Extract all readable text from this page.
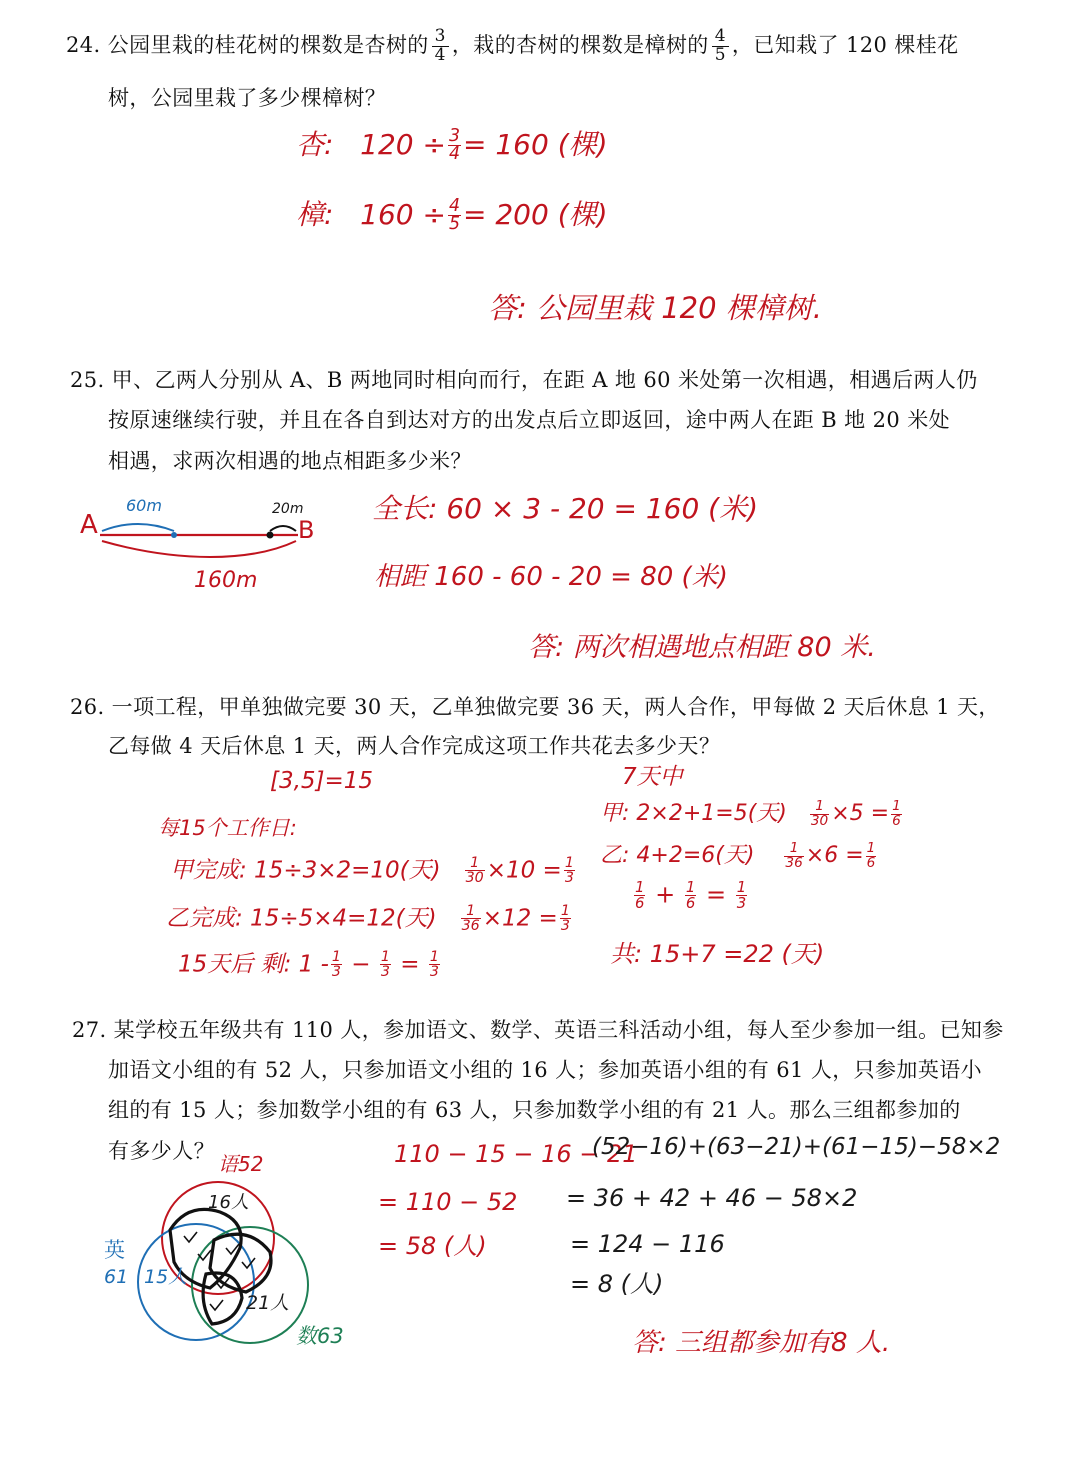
24. 公园里栽的桂花树的棵数是杏树的 $\frac{3}{4}$ ，栽的杏树的棵数是樟树的 $\frac{4}{5}$ ，已知栽了 120 棵桂花
树，公园里栽了多少棵樟树？
杏: $120 \div \frac{3}{4} = 160$ (棵)
樟: $160 \div \frac{4}{5} = 200$ (棵)
答: 公园里栽 120 棵樟树.
25. 甲、乙两人分别从 A、B 两地同时相向而行，在距 A 地 60 米处第一次相遇，相遇后两人仍
按原速继续行驶，并且在各自到达对方的出发点后立即返回，途中两人在距 B 地 20 米处
相遇，求两次相遇的地点相距多少米？
A	B
60m	20m
160m
全长: 60 × 3 - 20 = 160 (米)
相距 160 - 60 - 20 = 80 (米)
答: 两次相遇地点相距 80 米.
26. 一项工程，甲单独做完要 30 天，乙单独做完要 36 天，两人合作，甲每做 2 天后休息 1 天，
乙每做 4 天后休息 1 天，两人合作完成这项工作共花去多少天？
[3,5]=15
每15个工作日:
甲完成: 15÷3×2=10(天) $\frac{1}{30} \times 10 = \frac{1}{3}$
乙完成: 15÷5×4=12(天) $\frac{1}{36} \times 12 = \frac{1}{3}$
15天后 剩: $1 - \frac{1}{3} - \frac{1}{3} = \frac{1}{3}$
7天中
甲: 2×2+1=5(天) $\frac{1}{30} \times 5 = \frac{1}{6}$
乙: 4+2=6(天) $\frac{1}{36} \times 6 = \frac{1}{6}$
$\frac{1}{6} + \frac{1}{6} = \frac{1}{3}$
共: 15+7 =22 (天)
27. 某学校五年级共有 110 人，参加语文、数学、英语三科活动小组，每人至少参加一组。已知参
加语文小组的有 52 人，只参加语文小组的 16 人；参加英语小组的有 61 人，只参加英语小
组的有 15 人；参加数学小组的有 63 人，只参加数学小组的有 21 人。那么三组都参加的
有多少人？
语52
16人
英
61 15人
21人
数63
110 − 15 − 16 − 21
= 110 − 52
= 58 (人)
(52−16)+(63−21)+(61−15)−58×2
= 36 + 42 + 46 − 58×2
= 124 − 116
= 8 (人)
答: 三组都参加有8 人.
